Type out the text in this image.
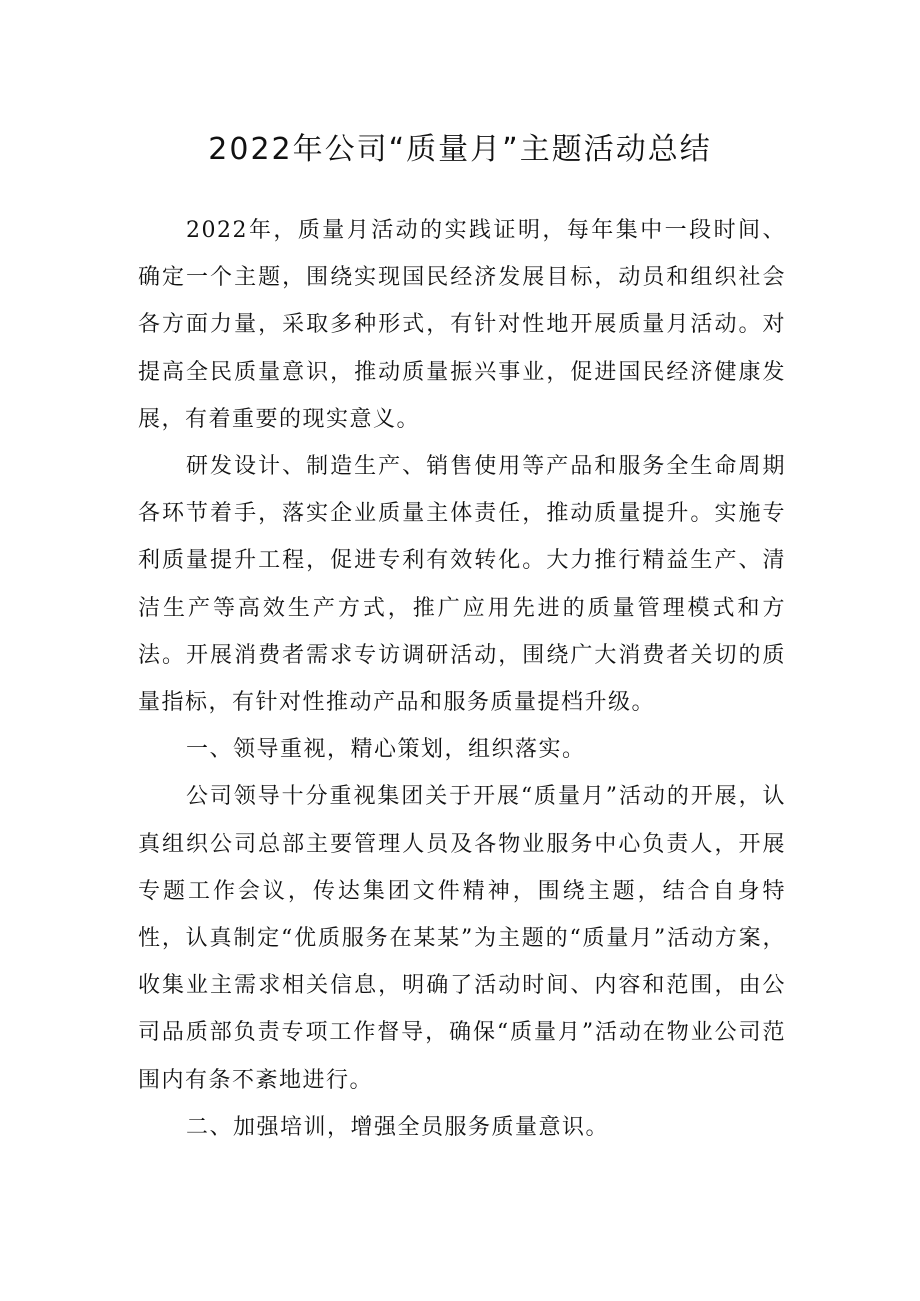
2022年公司“质量月”主题活动总结

2022年，质量月活动的实践证明，每年集中一段时间、确定一个主题，围绕实现国民经济发展目标，动员和组织社会各方面力量，采取多种形式，有针对性地开展质量月活动。对提高全民质量意识，推动质量振兴事业，促进国民经济健康发展，有着重要的现实意义。

研发设计、制造生产、销售使用等产品和服务全生命周期各环节着手，落实企业质量主体责任，推动质量提升。实施专利质量提升工程，促进专利有效转化。大力推行精益生产、清洁生产等高效生产方式，推广应用先进的质量管理模式和方法。开展消费者需求专访调研活动，围绕广大消费者关切的质量指标，有针对性推动产品和服务质量提档升级。

一、领导重视，精心策划，组织落实。

公司领导十分重视集团关于开展“质量月”活动的开展，认真组织公司总部主要管理人员及各物业服务中心负责人，开展专题工作会议，传达集团文件精神，围绕主题，结合自身特性，认真制定“优质服务在某某”为主题的“质量月”活动方案，收集业主需求相关信息，明确了活动时间、内容和范围，由公司品质部负责专项工作督导，确保“质量月”活动在物业公司范围内有条不紊地进行。

二、加强培训，增强全员服务质量意识。
